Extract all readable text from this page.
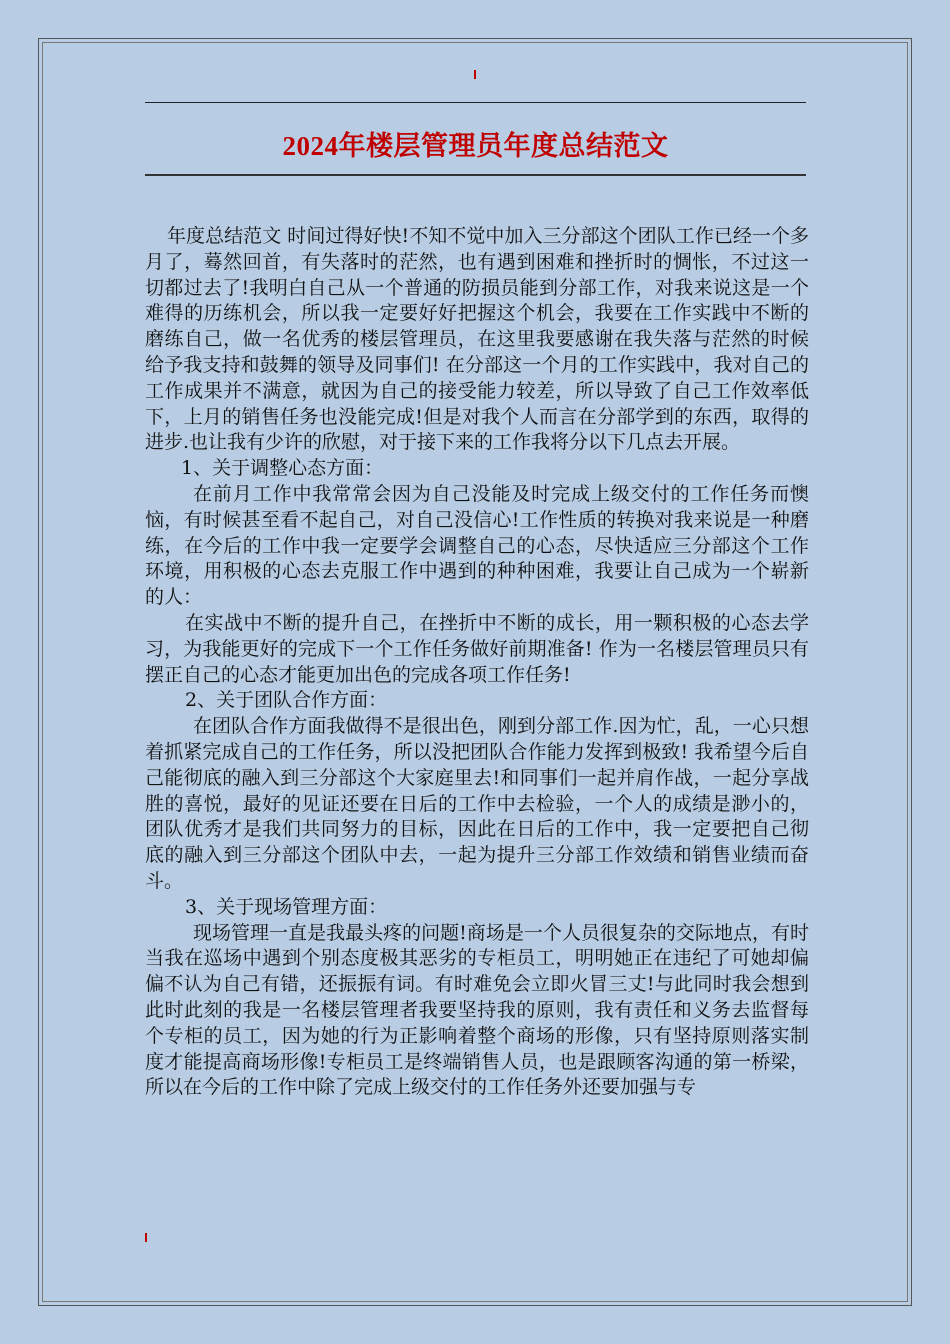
2024年楼层管理员年度总结范文

年度总结范文 时间过得好快!不知不觉中加入三分部这个团队工作已经一个多月了，蓦然回首，有失落时的茫然，也有遇到困难和挫折时的惆怅，不过这一切都过去了!我明白自己从一个普通的防损员能到分部工作，对我来说这是一个难得的历练机会，所以我一定要好好把握这个机会，我要在工作实践中不断的磨练自己，做一名优秀的楼层管理员，在这里我要感谢在我失落与茫然的时候给予我支持和鼓舞的领导及同事们! 在分部这一个月的工作实践中，我对自己的工作成果并不满意，就因为自己的接受能力较差，所以导致了自己工作效率低下，上月的销售任务也没能完成!但是对我个人而言在分部学到的东西，取得的进步.也让我有少许的欣慰，对于接下来的工作我将分以下几点去开展。

1、关于调整心态方面：

在前月工作中我常常会因为自己没能及时完成上级交付的工作任务而懊恼，有时候甚至看不起自己，对自己没信心!工作性质的转换对我来说是一种磨练，在今后的工作中我一定要学会调整自己的心态，尽快适应三分部这个工作环境，用积极的心态去克服工作中遇到的种种困难，我要让自己成为一个崭新的人：

在实战中不断的提升自己，在挫折中不断的成长，用一颗积极的心态去学习，为我能更好的完成下一个工作任务做好前期准备! 作为一名楼层管理员只有摆正自己的心态才能更加出色的完成各项工作任务!

2、关于团队合作方面：

在团队合作方面我做得不是很出色，刚到分部工作.因为忙，乱，一心只想着抓紧完成自己的工作任务，所以没把团队合作能力发挥到极致! 我希望今后自己能彻底的融入到三分部这个大家庭里去!和同事们一起并肩作战，一起分享战胜的喜悦，最好的见证还要在日后的工作中去检验，一个人的成绩是渺小的，团队优秀才是我们共同努力的目标，因此在日后的工作中，我一定要把自己彻底的融入到三分部这个团队中去，一起为提升三分部工作效绩和销售业绩而奋斗。

3、关于现场管理方面：

现场管理一直是我最头疼的问题!商场是一个人员很复杂的交际地点，有时当我在巡场中遇到个别态度极其恶劣的专柜员工，明明她正在违纪了可她却偏偏不认为自己有错，还振振有词。有时难免会立即火冒三丈!与此同时我会想到此时此刻的我是一名楼层管理者我要坚持我的原则，我有责任和义务去监督每个专柜的员工，因为她的行为正影响着整个商场的形像，只有坚持原则落实制度才能提高商场形像!专柜员工是终端销售人员，也是跟顾客沟通的第一桥梁，所以在今后的工作中除了完成上级交付的工作任务外还要加强与专
